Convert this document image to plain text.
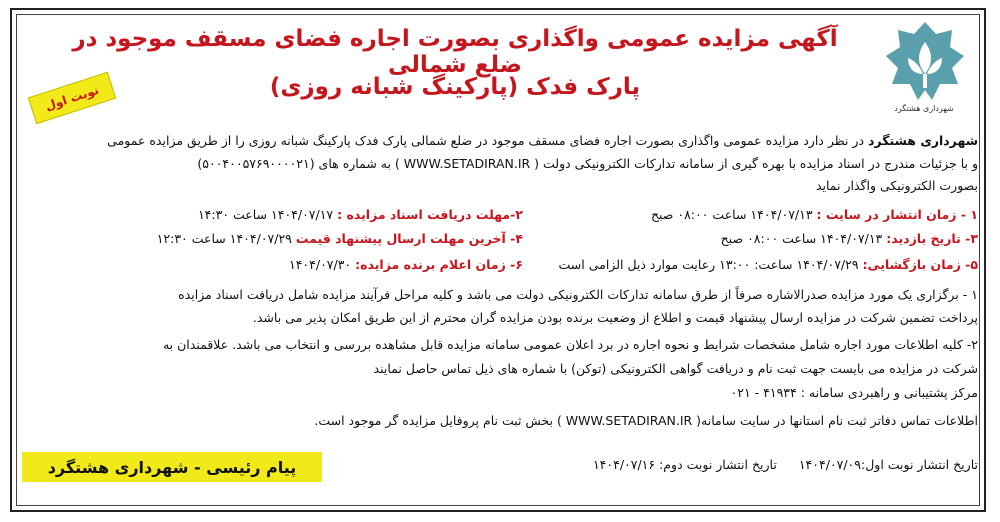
شهرداری هشتگرد
آگهی مزایده عمومی واگذاری بصورت اجاره فضای مسقف موجود در ضلع شمالی
پارک فدک (پارکینگ شبانه روزی)
نوبت اول
شهرداری هشتگرد در نظر دارد مزایده عمومی واگذاری بصورت اجاره فضای مسقف موجود در ضلع شمالی پارک فدک پارکینگ شبانه روزی را از طریق مزایده عمومی
و با جزئیات مندرج در اسناد مزایده با بهره گیری از سامانه تدارکات الکترونیکی دولت ( WWW.SETADIRAN.IR ) به شماره های (۵۰۰۴۰۰۵۷۶۹۰۰۰۰۲۱)
بصورت الکترونیکی واگذار نماید
۱ - زمان انتشار در سایت : ۱۴۰۴/۰۷/۱۳ ساعت ۰۸:۰۰ صبح
۲-مهلت دریافت اسناد مزایده : ۱۴۰۴/۰۷/۱۷ ساعت ۱۴:۳۰
۳- تاریخ بازدید: ۱۴۰۴/۰۷/۱۳ ساعت ۰۸:۰۰ صبح
۴- آخرین مهلت ارسال پیشنهاد قیمت ۱۴۰۴/۰۷/۲۹ ساعت ۱۲:۳۰
۵- زمان بازگشایی: ۱۴۰۴/۰۷/۲۹ ساعت: ۱۳:۰۰ رعایت موارد ذیل الزامی است
۶- زمان اعلام برنده مزایده: ۱۴۰۴/۰۷/۳۰
۱ - برگزاری یک مورد مزایده صدرالاشاره صرفاً از طرق سامانه تدارکات الکترونیکی دولت می باشد و کلیه مراحل فرآیند مزایده شامل دریافت اسناد مزایده
پرداخت تضمین شرکت در مزایده ارسال پیشنهاد قیمت و اطلاع از وضعیت برنده بودن مزایده گران محترم از این طریق امکان پذیر می باشد.
۲- کلیه اطلاعات مورد اجاره شامل مشخصات شرایط و نحوه اجاره در برد اعلان عمومی سامانه مزایده قابل مشاهده بررسی و انتخاب می باشد. علاقمندان به
شرکت در مزایده می بایست جهت ثبت نام و دریافت گواهی الکترونیکی (توکن) با شماره های ذیل تماس حاصل نمایند
مرکز پشتیبانی و راهبردی سامانه : ۴۱۹۳۴ - ۰۲۱
اطلاعات تماس دفاتر ثبت نام استانها در سایت سامانه( WWW.SETADIRAN.IR ) بخش ثبت نام پروفایل مزایده گر موجود است.
تاریخ انتشار نوبت اول:۱۴۰۴/۰۷/۰۹تاریخ انتشار نوبت دوم: ۱۴۰۴/۰۷/۱۶
پیام رئیسی - شهرداری هشتگرد
